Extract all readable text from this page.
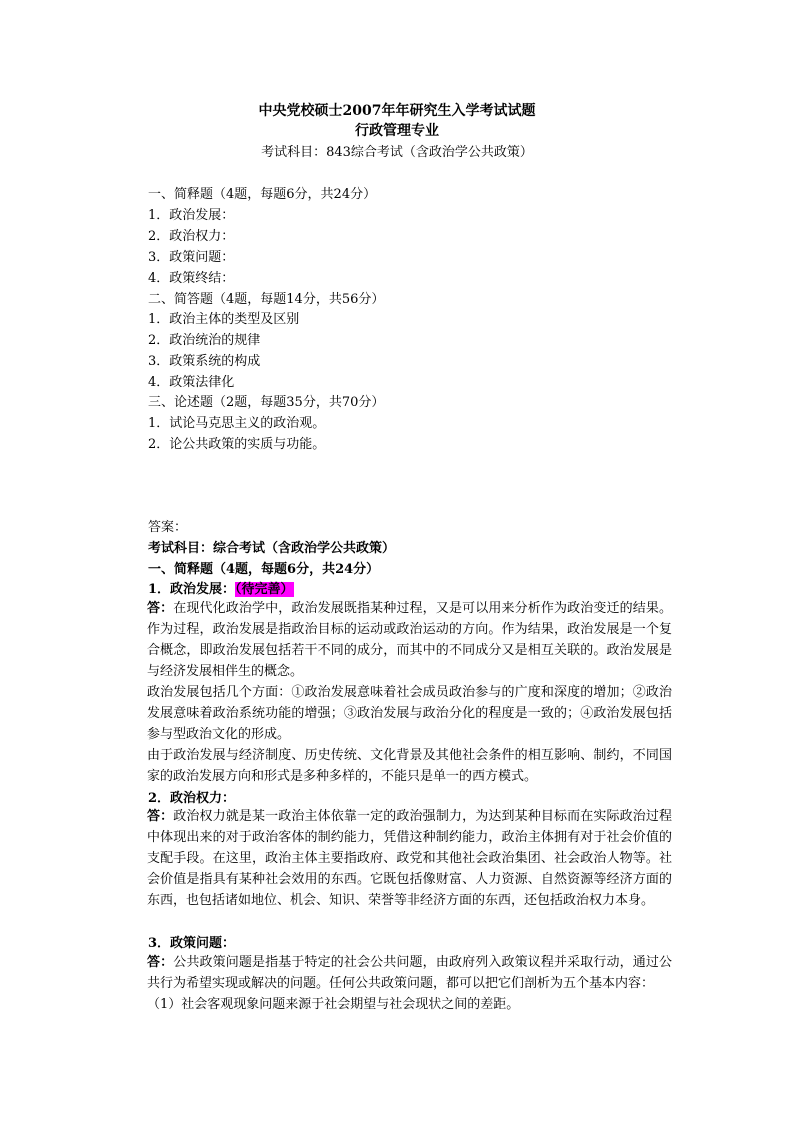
中央党校硕士2007年年研究生入学考试试题
行政管理专业
考试科目：843综合考试（含政治学公共政策）
一、简释题（4题，每题6分，共24分）
1．政治发展：
2．政治权力：
3．政策问题：
4．政策终结：
二、简答题（4题，每题14分，共56分）
1．政治主体的类型及区别
2．政治统治的规律
3．政策系统的构成
4．政策法律化
三、论述题（2题，每题35分，共70分）
1．试论马克思主义的政治观。
2．论公共政策的实质与功能。
答案：
考试科目：综合考试（含政治学公共政策）
一、简释题（4题，每题6分，共24分）
1．政治发展：（待完善）

答：在现代化政治学中，政治发展既指某种过程，又是可以用来分析作为政治变迁的结果。作为过程，政治发展是指政治目标的运动或政治运动的方向。作为结果，政治发展是一个复合概念，即政治发展包括若干不同的成分，而其中的不同成分又是相互关联的。政治发展是与经济发展相伴生的概念。

政治发展包括几个方面：①政治发展意味着社会成员政治参与的广度和深度的增加；②政治发展意味着政治系统功能的增强；③政治发展与政治分化的程度是一致的；④政治发展包括参与型政治文化的形成。

由于政治发展与经济制度、历史传统、文化背景及其他社会条件的相互影响、制约，不同国家的政治发展方向和形式是多种多样的，不能只是单一的西方模式。

2．政治权力：

答：政治权力就是某一政治主体依靠一定的政治强制力，为达到某种目标而在实际政治过程中体现出来的对于政治客体的制约能力，凭借这种制约能力，政治主体拥有对于社会价值的支配手段。在这里，政治主体主要指政府、政党和其他社会政治集团、社会政治人物等。社会价值是指具有某种社会效用的东西。它既包括像财富、人力资源、自然资源等经济方面的东西，也包括诸如地位、机会、知识、荣誉等非经济方面的东西，还包括政治权力本身。

3．政策问题：

答：公共政策问题是指基于特定的社会公共问题，由政府列入政策议程并采取行动，通过公共行为希望实现或解决的问题。任何公共政策问题，都可以把它们剖析为五个基本内容：

（1）社会客观现象问题来源于社会期望与社会现状之间的差距。
